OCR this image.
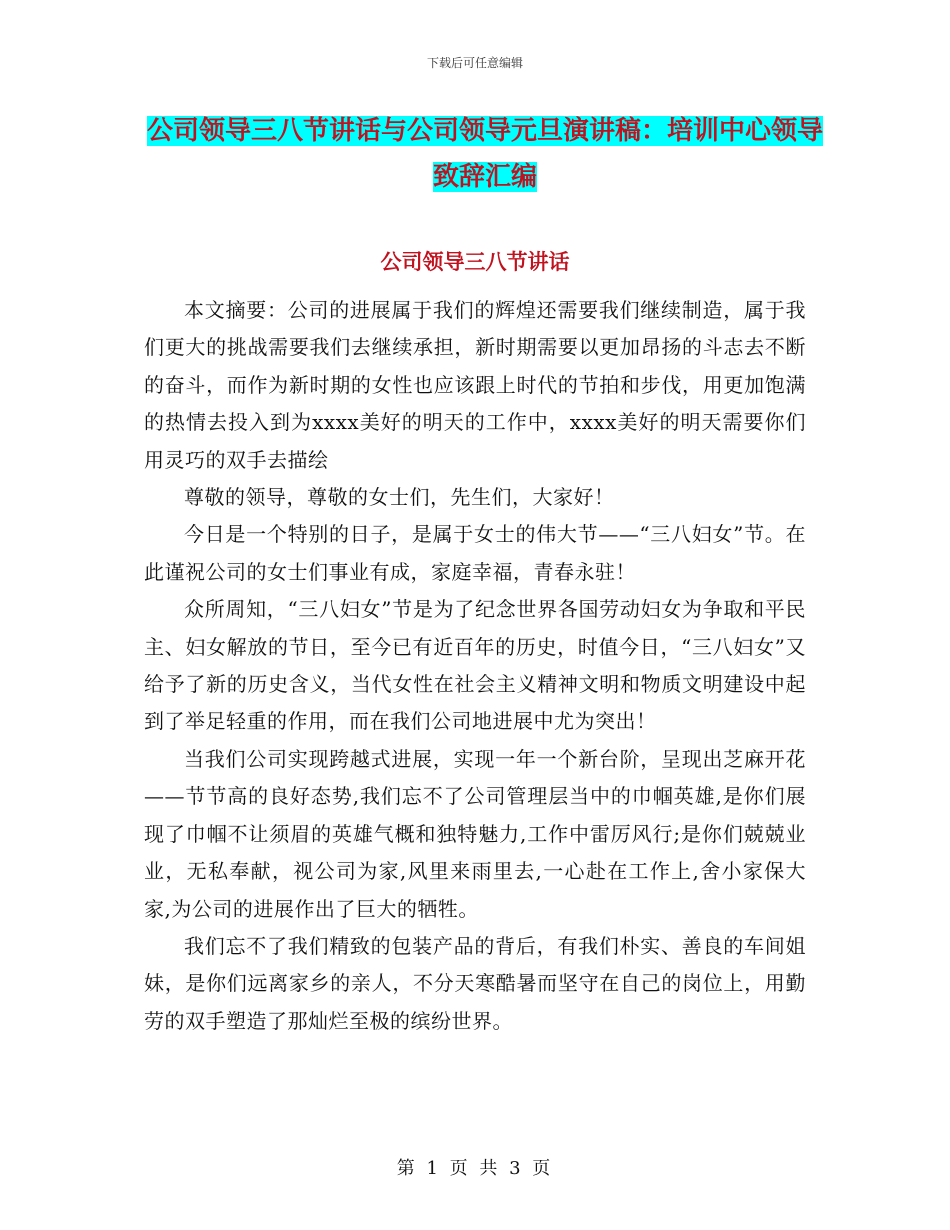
下载后可任意编辑
公司领导三八节讲话与公司领导元旦演讲稿：培训中心领导致辞汇编
公司领导三八节讲话

本文摘要：公司的进展属于我们的辉煌还需要我们继续制造，属于我们更大的挑战需要我们去继续承担，新时期需要以更加昂扬的斗志去不断的奋斗，而作为新时期的女性也应该跟上时代的节拍和步伐，用更加饱满的热情去投入到为xxxx美好的明天的工作中，xxxx美好的明天需要你们用灵巧的双手去描绘

尊敬的领导，尊敬的女士们，先生们，大家好！

今日是一个特别的日子，是属于女士的伟大节——“三八妇女”节。在此谨祝公司的女士们事业有成，家庭幸福，青春永驻！

众所周知，“三八妇女”节是为了纪念世界各国劳动妇女为争取和平民主、妇女解放的节日，至今已有近百年的历史，时值今日，“三八妇女”又给予了新的历史含义，当代女性在社会主义精神文明和物质文明建设中起到了举足轻重的作用，而在我们公司地进展中尤为突出！

当我们公司实现跨越式进展，实现一年一个新台阶，呈现出芝麻开花——节节高的良好态势,我们忘不了公司管理层当中的巾帼英雄,是你们展现了巾帼不让须眉的英雄气概和独特魅力,工作中雷厉风行;是你们兢兢业业，无私奉献，视公司为家,风里来雨里去,一心赴在工作上,舍小家保大家,为公司的进展作出了巨大的牺牲。

我们忘不了我们精致的包装产品的背后，有我们朴实、善良的车间姐妹，是你们远离家乡的亲人，不分天寒酷暑而坚守在自己的岗位上，用勤劳的双手塑造了那灿烂至极的缤纷世界。

第 1 页 共 3 页
